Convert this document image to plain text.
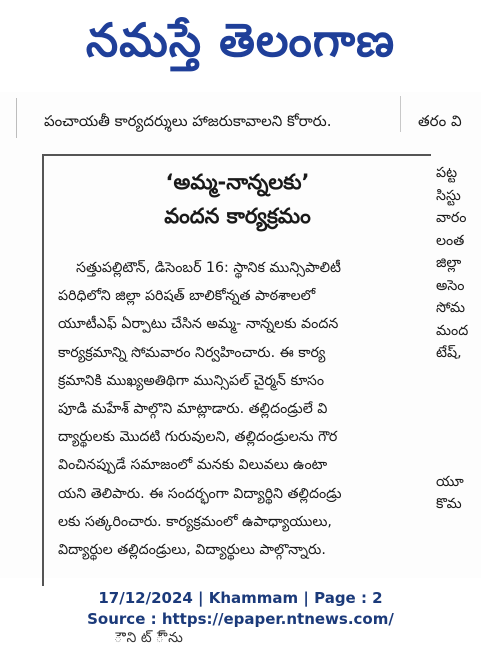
నమస్తే తెలంగాణ
పంచాయతీ కార్యదర్శులు హాజరుకావాలని కోరారు.	తరం వి
‘అమ్మ-నాన్నలకు’
వందన కార్యక్రమం
సత్తుపల్లిటౌన్‌, డిసెంబర్‌ 16: స్థానిక మున్సిపాలిటీ
పరిధిలోని జిల్లా పరిషత్‌ బాలికోన్నత పాఠశాలలో
యూటీఎఫ్‌ ఏర్పాటు చేసిన అమ్మ- నాన్నలకు వందన
కార్యక్రమాన్ని సోమవారం నిర్వహించారు. ఈ కార్య
క్రమానికి ముఖ్యఅతిథిగా మున్సిపల్‌ చైర్మన్‌ కూసం
పూడి మహేశ్‌ పాల్గొని మాట్లాడారు. తల్లిదండ్రులే వి
ద్యార్థులకు మొదటి గురువులని, తల్లిదండ్రులను గౌర
వించినప్పుడే సమాజంలో మనకు విలువలు ఉంటా
యని తెలిపారు. ఈ సందర్భంగా విద్యార్థిని తల్లిదండ్రు
లకు సత్కరించారు. కార్యక్రమంలో ఉపాధ్యాయులు,
విద్యార్థుల తల్లిదండ్రులు, విద్యార్థులు పాల్గొన్నారు.
ౌౌ ని ట్ ౌ్ ను
పట్ట
సిస్టు
వారం
లంత
జిల్లా
అసెం
సోమ
మంద
టేష్‌,
యూ
కొమ
17/12/2024 | Khammam | Page : 2
Source : https://epaper.ntnews.com/
